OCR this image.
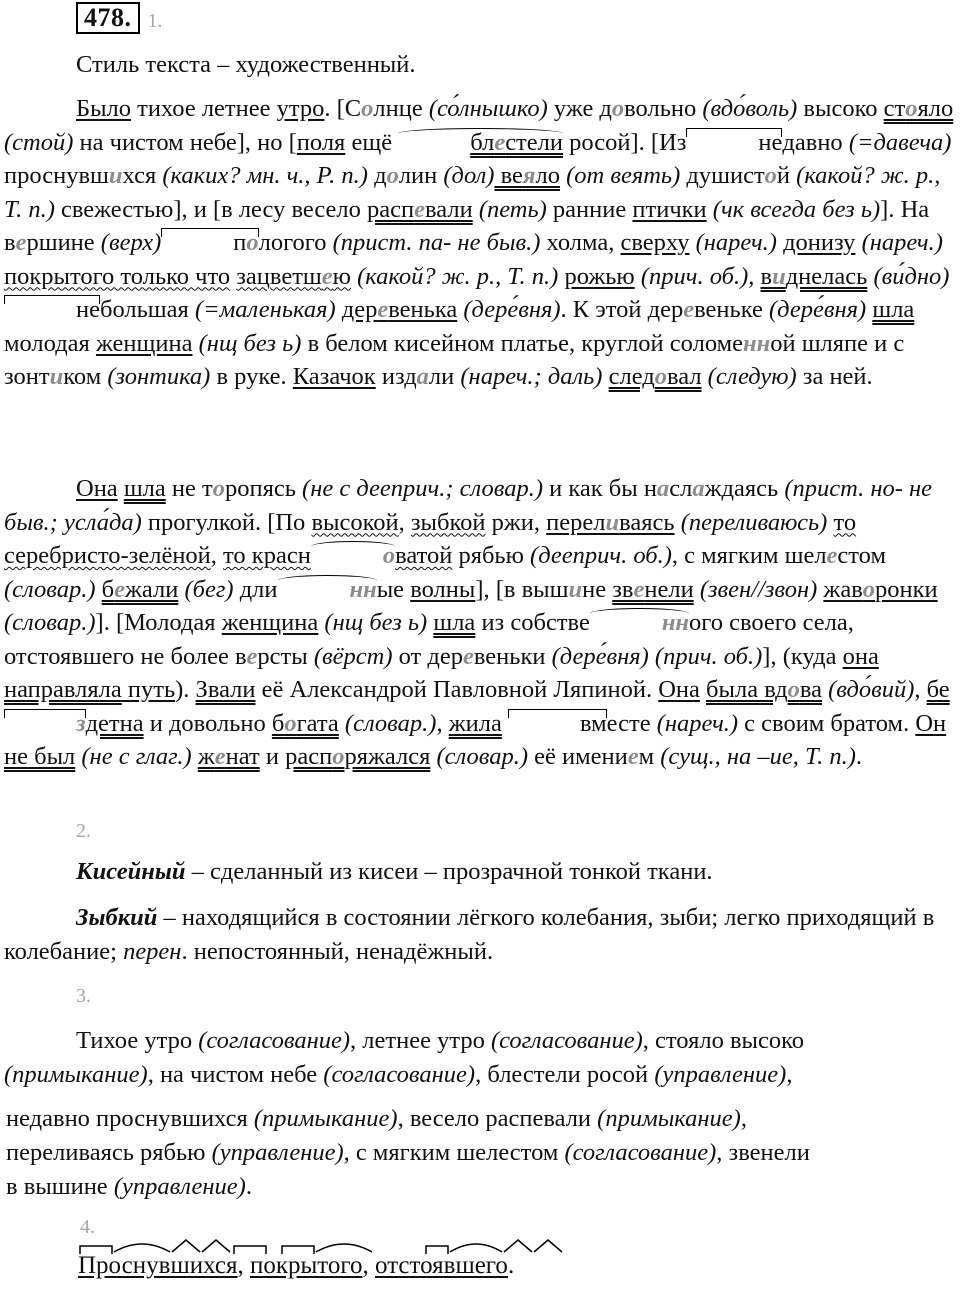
478. 1.
Стиль текста – художественный.
Было тихое летнее утро. [Солнце (со́лнышко) уже довольно (вдо́воль) высоко стояло (стой) на чистом небе], но [поля ещё	блестели росой]. [Из	недавно (=давеча) проснувшихся (каких? мн. ч., Р. п.) долин (дол) веяло (от веять) душистой (какой? ж. р., Т. п.) свежестью], и [в лесу весело распевали (петь) ранние птички (чк всегда без ь)]. На вершине (верх)	пологого (прист. па- не быв.) холма, сверху (нареч.) донизу (нареч.) покрытого только что зацветшею (какой? ж. р., Т. п.) рожью (прич. об.), виднелась (ви́дно)небольшая (=маленькая) деревенька (дере́вня). К этой деревеньке (дере́вня) шла молодая женщина (нщ без ь) в белом кисейном платье, круглой соломенной шляпе и с зонтиком (зонтика) в руке. Казачок издали (нареч.; даль) следовал (следую) за ней.
Она шла не торопясь (не с дееприч.; словар.) и как бы наслаждаясь (прист. но- не быв.; усла́да) прогулкой. [По высокой, зыбкой ржи, переливаясь (переливаюсь) то серебристо-зелёной, то красн	оватой рябью (дееприч. об.), с мягким шелестом (словар.) бежали (бег) дли	нные волны], [в вышине звенели (звен//звон) жаворонки (словар.)]. [Молодая женщина (нщ без ь) шла из собстве	нного своего села, отстоявшего не более версты (вёрст) от деревеньки (дере́вня) (прич. об.)], (куда она направляла путь). Звали её Александрой Павловной Ляпиной. Она была вдова (вдо́вий), бездетна и довольно богата (словар.), жила	вместе (нареч.) с своим братом. Он не был (не с глаг.) женат и распоряжался (словар.) её имением (сущ., на –ие, Т. п.).
2.
Кисейный – сделанный из кисеи – прозрачной тонкой ткани.
Зыбкий – находящийся в состоянии лёгкого колебания, зыби; легко приходящий в колебание; перен. непостоянный, ненадёжный.
3.
Тихое утро (согласование), летнее утро (согласование), стояло высоко
(примыкание), на чистом небе (согласование), блестели росой (управление),
недавно проснувшихся (примыкание), весело распевали (примыкание),
переливаясь рябью (управление), с мягким шелестом (согласование), звенели
в вышине (управление).
4.
Проснувшихся, покрытого, отстоявшего.
